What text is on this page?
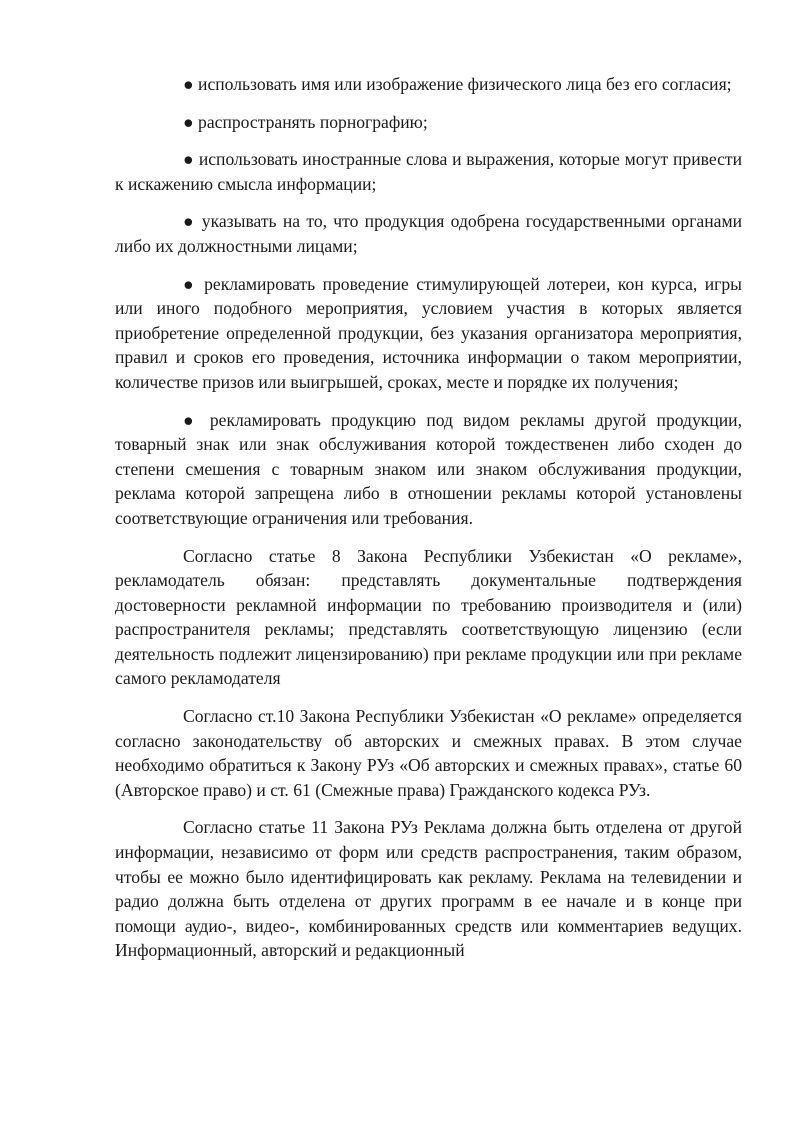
● использовать имя или изображение физического лица без его согласия;

● распространять порнографию;

● использовать иностранные слова и выражения, которые могут привести к искажению смысла информации;

● указывать на то, что продукция одобрена государственными органами либо их должностными лицами;

● рекламировать проведение стимулирующей лотереи, кон курса, игры или иного подобного мероприятия, условием участия в которых является приобретение определенной продукции, без указания организатора мероприятия, правил и сроков его проведения, источника информации о таком мероприятии, количестве призов или выигрышей, сроках, месте и порядке их получения;

● рекламировать продукцию под видом рекламы другой продукции, товарный знак или знак обслуживания которой тождественен либо сходен до степени смешения с товарным знаком или знаком обслуживания продукции, реклама которой запрещена либо в отношении рекламы которой установлены соответствующие ограничения или требования.

Согласно статье 8 Закона Республики Узбекистан «О рекламе», рекламодатель обязан: представлять документальные подтверждения достоверности рекламной информации по требованию производителя и (или) распространителя рекламы; представлять соответствующую лицензию (если деятельность подлежит лицензированию) при рекламе продукции или при рекламе самого рекламодателя

Согласно ст.10 Закона Республики Узбекистан «О рекламе» определяется согласно законодательству об авторских и смежных правах. В этом случае необходимо обратиться к Закону РУз «Об авторских и смежных правах», статье 60 (Авторское право) и ст. 61 (Смежные права) Гражданского кодекса РУз.

Согласно статье 11 Закона РУз Реклама должна быть отделена от другой информации, независимо от форм или средств распространения, таким образом, чтобы ее можно было идентифицировать как рекламу. Реклама на телевидении и радио должна быть отделена от других программ в ее начале и в конце при помощи аудио-, видео-, комбинированных средств или комментариев ведущих. Информационный, авторский и редакционный
